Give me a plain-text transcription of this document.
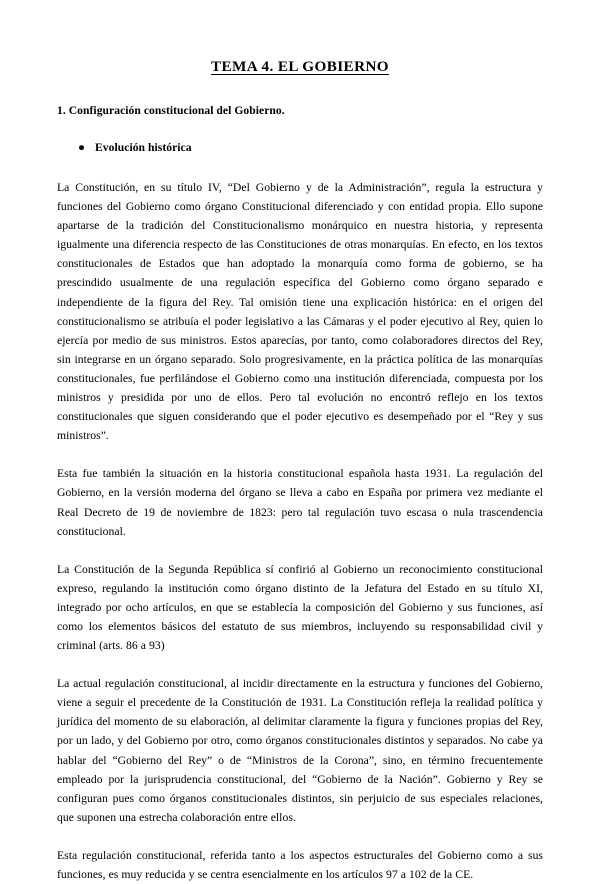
TEMA 4. EL GOBIERNO
1. Configuración constitucional del Gobierno.
● Evolución histórica

La Constitución, en su título IV, “Del Gobierno y de la Administración”, regula la estructura y funciones del Gobierno como órgano Constitucional diferenciado y con entidad propia. Ello supone apartarse de la tradición del Constitucionalismo monárquico en nuestra historia, y representa igualmente una diferencia respecto de las Constituciones de otras monarquías. En efecto, en los textos constitucionales de Estados que han adoptado la monarquía como forma de gobierno, se ha prescindido usualmente de una regulación específica del Gobierno como órgano separado e independiente de la figura del Rey. Tal omisión tiene una explicación histórica: en el origen del constitucionalismo se atribuía el poder legislativo a las Cámaras y el poder ejecutivo al Rey, quien lo ejercía por medio de sus ministros. Estos aparecías, por tanto, como colaboradores directos del Rey, sin integrarse en un órgano separado. Solo progresivamente, en la práctica política de las monarquías constitucionales, fue perfilándose el Gobierno como una institución diferenciada, compuesta por los ministros y presidida por uno de ellos. Pero tal evolución no encontró reflejo en los textos constitucionales que siguen considerando que el poder ejecutivo es desempeñado por el “Rey y sus ministros”.

Esta fue también la situación en la historia constitucional española hasta 1931. La regulación del Gobierno, en la versión moderna del órgano se lleva a cabo en España por primera vez mediante el Real Decreto de 19 de noviembre de 1823: pero tal regulación tuvo escasa o nula trascendencia constitucional.

La Constitución de la Segunda República sí confirió al Gobierno un reconocimiento constitucional expreso, regulando la institución como órgano distinto de la Jefatura del Estado en su título XI, integrado por ocho artículos, en que se establecía la composición del Gobierno y sus funciones, así como los elementos básicos del estatuto de sus miembros, incluyendo su responsabilidad civil y criminal (arts. 86 a 93)

La actual regulación constitucional, al incidir directamente en la estructura y funciones del Gobierno, viene a seguir el precedente de la Constitución de 1931. La Constitución refleja la realidad política y jurídica del momento de su elaboración, al delimitar claramente la figura y funciones propias del Rey, por un lado, y del Gobierno por otro, como órganos constitucionales distintos y separados. No cabe ya hablar del “Gobierno del Rey” o de “Ministros de la Corona”, sino, en término frecuentemente empleado por la jurisprudencia constitucional, del “Gobierno de la Nación”. Gobierno y Rey se configuran pues como órganos constitucionales distintos, sin perjuicio de sus especiales relaciones, que suponen una estrecha colaboración entre ellos.

Esta regulación constitucional, referida tanto a los aspectos estructurales del Gobierno como a sus funciones, es muy reducida y se centra esencialmente en los artículos 97 a 102 de la CE.
